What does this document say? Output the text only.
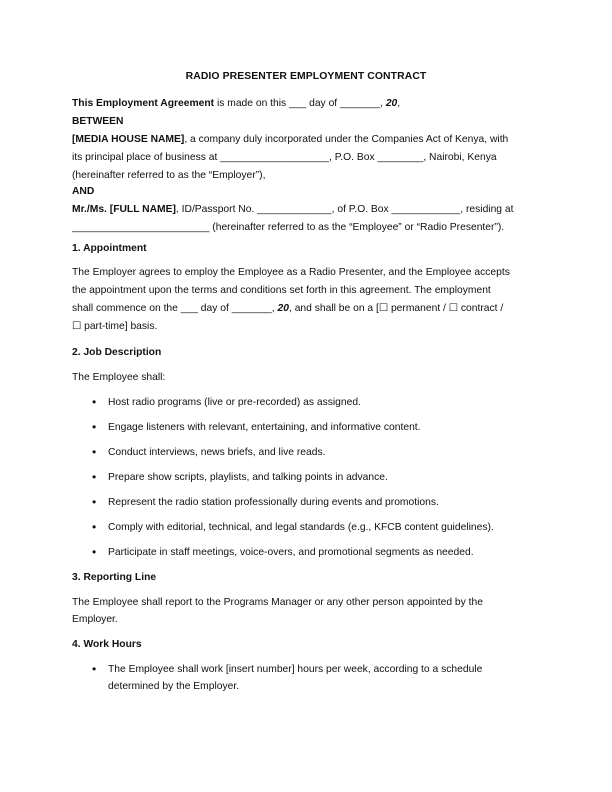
RADIO PRESENTER EMPLOYMENT CONTRACT
This Employment Agreement is made on this ___ day of _______, 20,
BETWEEN
[MEDIA HOUSE NAME], a company duly incorporated under the Companies Act of Kenya, with
its principal place of business at ___________________, P.O. Box ________, Nairobi, Kenya
(hereinafter referred to as the “Employer”),
AND
Mr./Ms. [FULL NAME], ID/Passport No. _____________, of P.O. Box ____________, residing at
________________________ (hereinafter referred to as the “Employee” or “Radio Presenter”).
1. Appointment
The Employer agrees to employ the Employee as a Radio Presenter, and the Employee accepts
the appointment upon the terms and conditions set forth in this agreement. The employment
shall commence on the ___ day of _______, 20, and shall be on a [☐ permanent / ☐ contract /
☐ part-time] basis.
2. Job Description
The Employee shall:
• Host radio programs (live or pre-recorded) as assigned.
• Engage listeners with relevant, entertaining, and informative content.
• Conduct interviews, news briefs, and live reads.
• Prepare show scripts, playlists, and talking points in advance.
• Represent the radio station professionally during events and promotions.
• Comply with editorial, technical, and legal standards (e.g., KFCB content guidelines).
• Participate in staff meetings, voice-overs, and promotional segments as needed.
3. Reporting Line
The Employee shall report to the Programs Manager or any other person appointed by the
Employer.
4. Work Hours
• The Employee shall work [insert number] hours per week, according to a schedule
determined by the Employer.
